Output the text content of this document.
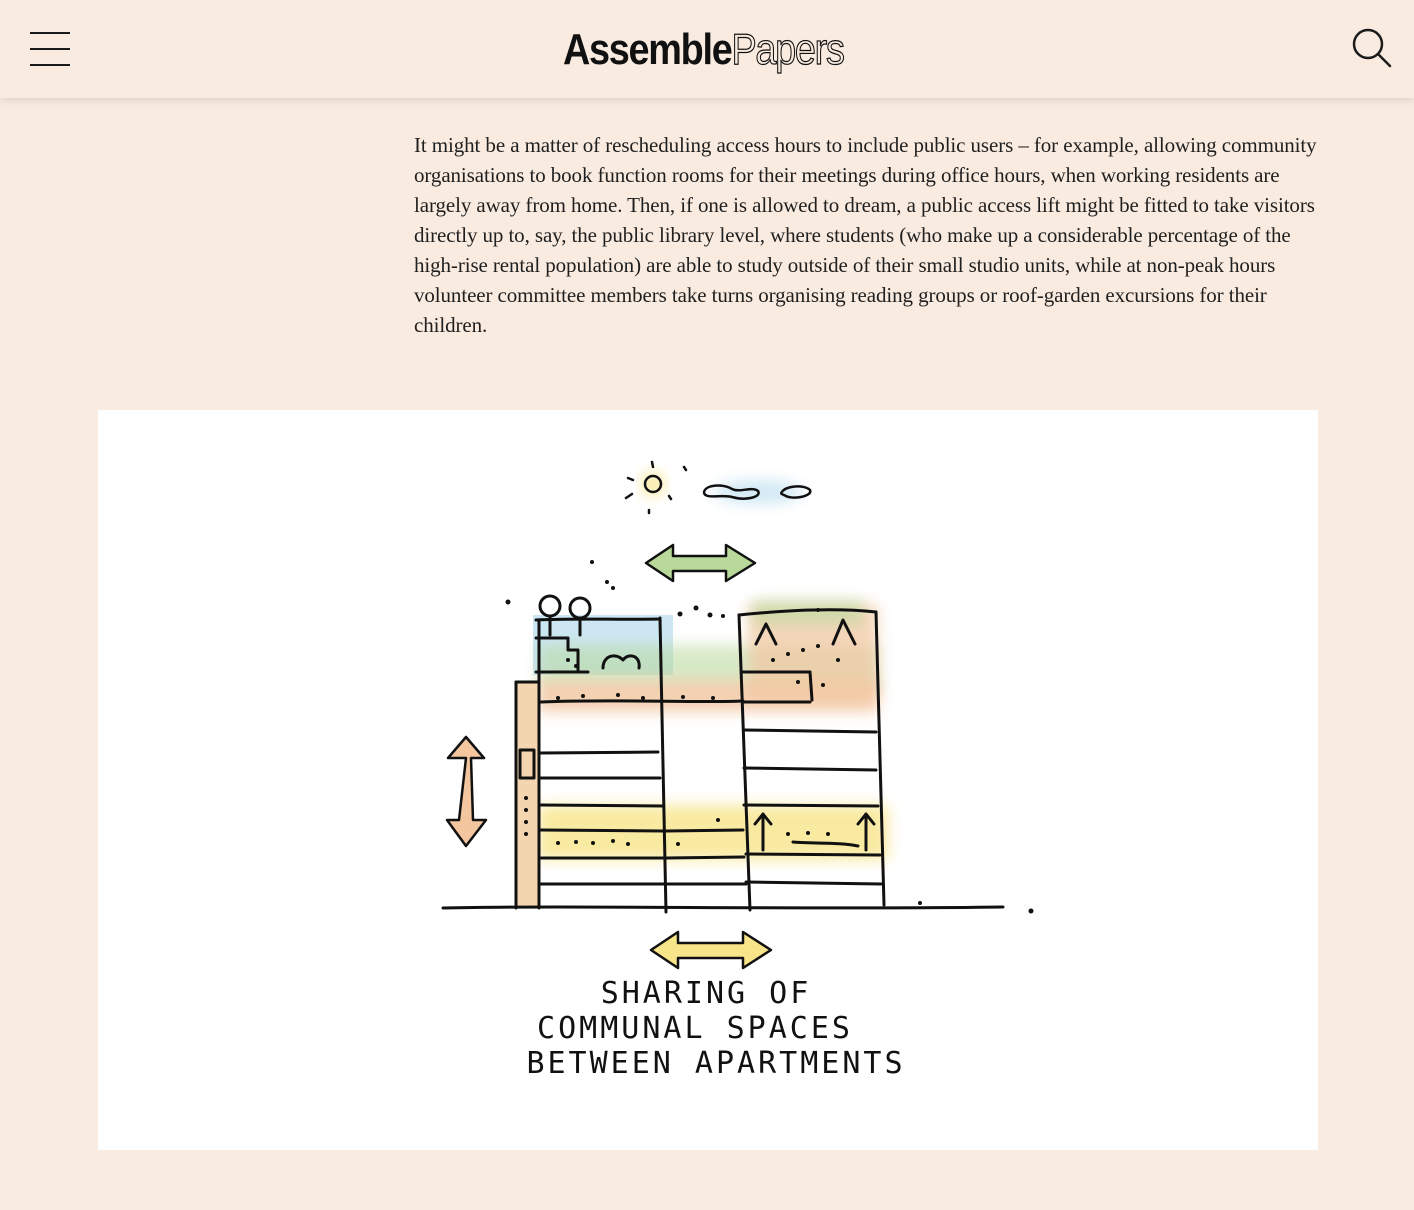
Assemble Papers

It might be a matter of rescheduling access hours to include public users – for example, allowing community organisations to book function rooms for their meetings during office hours, when working residents are largely away from home. Then, if one is allowed to dream, a public access lift might be fitted to take visitors directly up to, say, the public library level, where students (who make up a considerable percentage of the high-rise rental population) are able to study outside of their small studio units, while at non-peak hours volunteer committee members take turns organising reading groups or roof-garden excursions for their children.

SHARING OF
COMMUNAL SPACES
BETWEEN APARTMENTS
